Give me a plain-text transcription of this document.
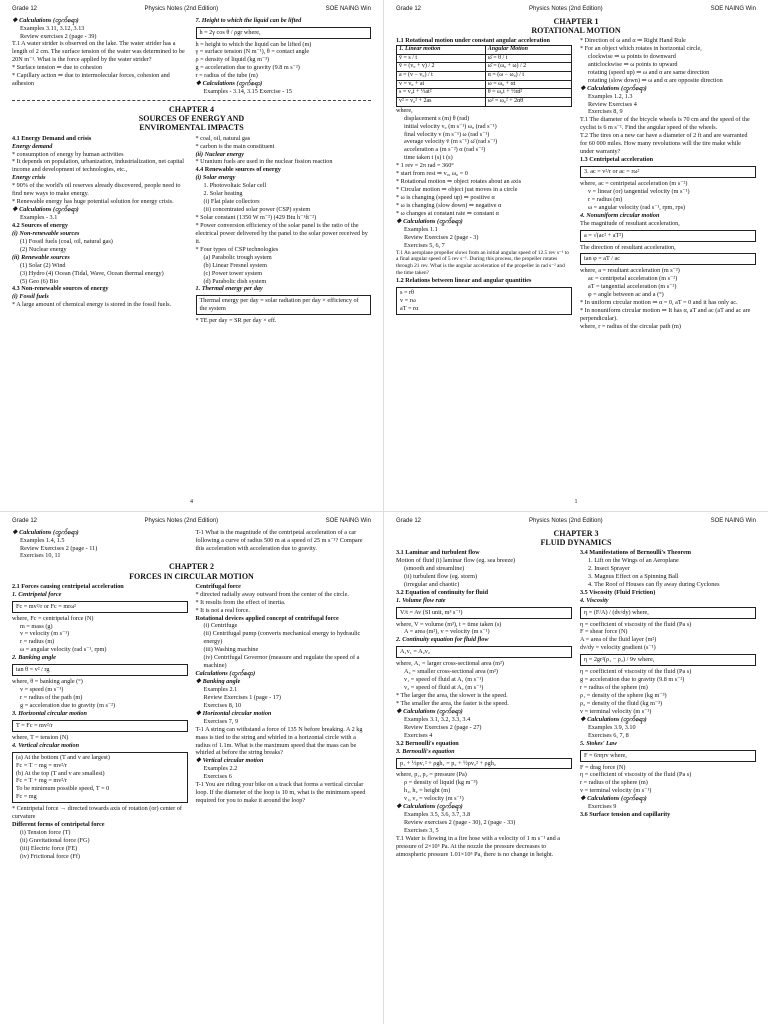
Grade 12	Physics Notes (2nd Edition)	SOE NAING Win

❖ Calculations (တွက်စရာ)

Examples 3.11, 3.12, 3.13

Review exercises 2 (page - 39)

T.1 A water strider is observed on the lake. The water strider has a length of 2 cm. The surface tension of the water was determined to be 20N m⁻¹. What is the force applied by the water strider?

* Surface tension ⇒ due to cohesion

* Capillary action ⇒ due to intermolecular forces, cohesion and adhesion

7. Height to which the liquid can be lifted

h = 2γ cos θ / ρgr where,

h = height to which the liquid can be lifted (m)

γ = surface tension (N m⁻¹), θ = contact angle

ρ = density of liquid (kg m⁻³)

g = acceleration due to gravity (9.8 m s⁻²)

r = radius of the tube (m)

❖ Calculations (တွက်စရာ)

Examples - 3.14, 3.15 Exercise - 15

CHAPTER 4
SOURCES OF ENERGY AND
ENVIROMENTAL IMPACTS

4.1 Energy Demand and crisis

Energy demand

* consumption of energy by human activities

* It depends on population, urbanization, industrialization, net capital income and development of technologies, etc.,

Energy crisis

* 90% of the world's oil reserves already discovered, people need to find new ways to make energy.

* Renewable energy has huge potential solution for energy crisis.

❖ Calculations (တွက်စရာ)

Examples - 3.1

4.2 Sources of energy

(i) Non-renewable sources

(1) Fossil fuels (coal, oil, natural gas)

(2) Nuclear energy

(ii) Renewable sources

(1) Solar (2) Wind

(3) Hydro (4) Ocean (Tidal, Wave, Ocean thermal energy)

(5) Geo (6) Bio

4.3 Non-renewable sources of energy

(i) Fossil fuels

* A large amount of chemical energy is stored in the fossil fuels.

* coal, oil, natural gas

* carbon is the main constituent

(ii) Nuclear energy

* Uranium fuels are used in the nuclear fission reaction

4.4 Renewable sources of energy

(i) Solar energy

1. Photovoltaic Solar cell

2. Solar heating

(i) Flat plate collectors

(ii) concentrated solar power (CSP) system

* Solar constant (1350 W m⁻²) (429 Btu h⁻¹ft⁻²)

* Power conversion efficiency of the solar panel is the ratio of the electrical power delivered by the panel to the solar power received by it.

* Four types of CSP technologies

(a) Parabolic trough system

(b) Linear Fresnel system

(c) Power tower system

(d) Parabolic dish system

1. Thermal energy per day

Thermal energy per day = solar radiation per day × efficiency of the system

* TE per day = SR per day × eff.

4
Grade 12	Physics Notes (2nd Edition)	SOE NAING Win
CHAPTER 1
ROTATIONAL MOTION

1.1 Rotational motion under constant angular acceleration

1. Linear motion	Angular Motion
v̄ = s / t	ω̄ = θ / t
v̄ = (v₀ + v) / 2	ω̄ = (ω₀ + ω) / 2
a = (v − v₀) / t	α = (ω − ω₀) / t
v = v₀ + at	ω = ω₀ + αt
s = v₀t + ½at²	θ = ω₀t + ½αt²
v² = v₀² + 2as	ω² = ω₀² + 2αθ

where,

displacement s (m) θ (rad)

initial velocity v₀ (m s⁻¹) ω₀ (rad s⁻¹)

final velocity v (m s⁻¹) ω (rad s⁻¹)

average velocity v̄ (m s⁻¹) ω̄ (rad s⁻¹)

acceleration a (m s⁻²) α (rad s⁻²)

time taken t (s) t (s)

* 1 rev = 2π rad = 360°

* start from rest ⇒ v₀, ω₀ = 0

* Rotational motion ⇒ object rotates about an axis

* Circular motion ⇒ object just moves in a circle

* ω is changing (speed up) ⇒ positive α

* ω is changing (slow down) ⇒ negative α

* ω changes at constant rate ⇒ constant α

❖ Calculations (တွက်စရာ)

Examples 1.1

Review Exercises 2 (page - 3)

Exercises 5, 6, 7

T.1 An aeroplane propeller slows from an initial angular speed of 12.5 rev s⁻¹ to a final angular speed of 5 rev s⁻¹. During this process, the propeller rotates through 21 rev. What is the angular acceleration of the propeller in rad s⁻² and the time taken?

1.2 Relations between linear and angular quantities

s = rθ
v = rω
aT = rα

* Direction of ω and α ⇒ Right Hand Rule

* For an object which rotates in horizontal circle,

clockwise ⇒ ω points to downward

anticlockwise ⇒ ω points to upward

rotating (speed up) ⇒ ω and α are same direction

rotating (slow down) ⇒ ω and α are opposite direction

❖ Calculations (တွက်စရာ)

Examples 1.2, 1.3

Review Exercises 4

Exercises 8, 9

T.1 The diameter of the bicycle wheels is 70 cm and the speed of the cyclist is 6 m s⁻¹. Find the angular speed of the wheels.

T.2 The tires on a new car have a diameter of 2 ft and are warranted for 60 000 miles. How many revolutions will the tire make while under warranty?

1.3 Centripetal acceleration

3. ac = v²/r or ac = rω²

where, ac = centripetal acceleration (m s⁻²)

v = linear (or) tangential velocity (m s⁻¹)

r = radius (m)

ω = angular velocity (rad s⁻¹, rpm, rps)

4. Nonuniform circular motion

The magnitude of resultant acceleration,

a = √(ac² + aT²)

The direction of resultant acceleration,

tan φ = aT / ac

where, a = resultant acceleration (m s⁻²)

ac = centripetal acceleration (m s⁻²)

aT = tangential acceleration (m s⁻²)

φ = angle between ac and a (°)

* In uniform circular motion ⇒ α = 0, aT = 0 and it has only ac.

* In nonuniform circular motion ⇒ It has α, aT and ac (aT and ac are perpendicular).

where, r = radius of the circular path (m)

1
Grade 12	Physics Notes (2nd Edition)	SOE NAING Win

❖ Calculations (တွက်စရာ)

Examples 1.4, 1.5

Review Exercises 2 (page - 11)

Exercises 10, 11

T-1 What is the magnitude of the centripetal acceleration of a car following a curve of radius 500 m at a speed of 25 m s⁻¹? Compare this acceleration with acceleration due to gravity.

CHAPTER 2
FORCES IN CIRCULAR MOTION

2.1 Forces causing centripetal acceleration

1. Centripetal force

Fc = mv²/r or Fc = mrω²

where, Fc = centripetal force (N)

m = mass (g)

v = velocity (m s⁻¹)

r = radius (m)

ω = angular velocity (rad s⁻¹, rpm)

2. Banking angle

tan θ = v² / rg

where, θ = banking angle (°)

v = speed (m s⁻¹)

r = radius of the path (m)

g = acceleration due to gravity (m s⁻²)

3. Horizontal circular motion

T = Fc = mv²/r

where, T = tension (N)

4. Vertical circular motion

(a) At the bottom (T and v are largest)
Fc = T − mg = mv²/r
(b) At the top (T and v are smallest)
Fc = T + mg = mv²/r
To be minimum possible speed, T = 0
Fc = mg

* Centripetal force → directed towards axis of rotation (or) center of curvature

Different forms of centripetal force

(i) Tension force (T)

(ii) Gravitational force (FG)

(iii) Electric force (FE)

(iv) Frictional force (Ff)

Centrifugal force

* directed radially away outward from the center of the circle.

* It results from the effect of inertia.

* It is not a real force.

Rotational devices applied concept of centrifugal force

(i) Centrifuge

(ii) Centrifugal pump (converts mechanical energy to hydraulic energy)

(iii) Washing machine

(iv) Centrifugal Governor (measure and regulate the speed of a machine)

Calculations (တွက်စရာ)

❖ Banking angle

Examples 2.1

Review Exercises 1 (page - 17)

Exercises 8, 10

❖ Horizontal circular motion

Exercises 7, 9

T-1 A string can withstand a force of 135 N before breaking. A 2 kg mass is tied to the string and whirled in a horizontal circle with a radius of 1.1m. What is the maximum speed that the mass can be whirled at before the string breaks?

❖ Vertical circular motion

Examples 2.2

Exercises 6

T-1 You are riding your bike on a track that forms a vertical circular loop. If the diameter of the loop is 10 m, what is the minimum speed required for you to make it around the loop?

Grade 12	Physics Notes (2nd Edition)	SOE NAING Win
CHAPTER 3
FLUID DYNAMICS

3.1 Laminar and turbulent flow

Motion of fluid (i) laminar flow (eg. sea breeze)

(smooth and streamline)

(ii) turbulent flow (eg. storm)

(irregular and chaotic)

3.2 Equation of continuity for fluid

1. Volume flow rate

V/t = Av (SI unit, m³ s⁻¹)

where, V = volume (m³), t = time taken (s)

A = area (m²), v = velocity (m s⁻¹)

2. Continuity equation for fluid flow

A₁v₁ = A₂v₂

where, A₁ = larger cross-sectional area (m²)

A₂ = smaller cross-sectional area (m²)

v₁ = speed of fluid at A₁ (m s⁻¹)

v₂ = speed of fluid at A₂ (m s⁻¹)

* The larger the area, the slower is the speed.

* The smaller the area, the faster is the speed.

❖ Calculations (တွက်စရာ)

Examples 3.1, 3.2, 3.3, 3.4

Review Exercises 2 (page - 27)

Exercises 4

3.2 Bernoulli's equation

3. Bernoulli's equation

p₁ + ½ρv₁² + ρgh₁ = p₂ + ½ρv₂² + ρgh₂

where, p₁, p₂ = pressure (Pa)

ρ = density of liquid (kg m⁻³)

h₁, h₂ = height (m)

v₁, v₂ = velocity (m s⁻¹)

❖ Calculations (တွက်စရာ)

Examples 3.5, 3.6, 3.7, 3.8

Review exercises 2 (page - 30), 2 (page - 33)

Exercises 3, 5

T.1 Water is flowing in a fire hose with a velocity of 1 m s⁻¹ and a pressure of 2×10⁵ Pa. At the nozzle the pressure decreases to atmospheric pressure 1.01×10⁵ Pa, there is no change in height.

3.4 Manifestations of Bernoulli's Theorem

1. Lift on the Wings of an Aeroplane

2. Insect Sprayer

3. Magnus Effect on a Spinning Ball

4. The Roof of Houses can fly away during Cyclones

3.5 Viscosity (Fluid Friction)

4. Viscosity

η = (F/A) / (dv/dy) where,

η = coefficient of viscosity of the fluid (Pa s)

F = shear force (N)

A = area of the fluid layer (m²)

dv/dy = velocity gradient (s⁻¹)

η = 2gr²(ρ₁ − ρ₂) / 9v where,

η = coefficient of viscosity of the fluid (Pa s)

g = acceleration due to gravity (9.8 m s⁻²)

r = radius of the sphere (m)

ρ₁ = density of the sphere (kg m⁻³)

ρ₂ = density of the fluid (kg m⁻³)

v = terminal velocity (m s⁻¹)

❖ Calculations (တွက်စရာ)

Examples 3.9, 3.10

Exercises 6, 7, 8

5. Stokes' Law

F = 6πηrv where,

F = drag force (N)

η = coefficient of viscosity of the fluid (Pa s)

r = radius of the sphere (m)

v = terminal velocity (m s⁻¹)

❖ Calculations (တွက်စရာ)

Exercises 9

3.6 Surface tension and capillarity
